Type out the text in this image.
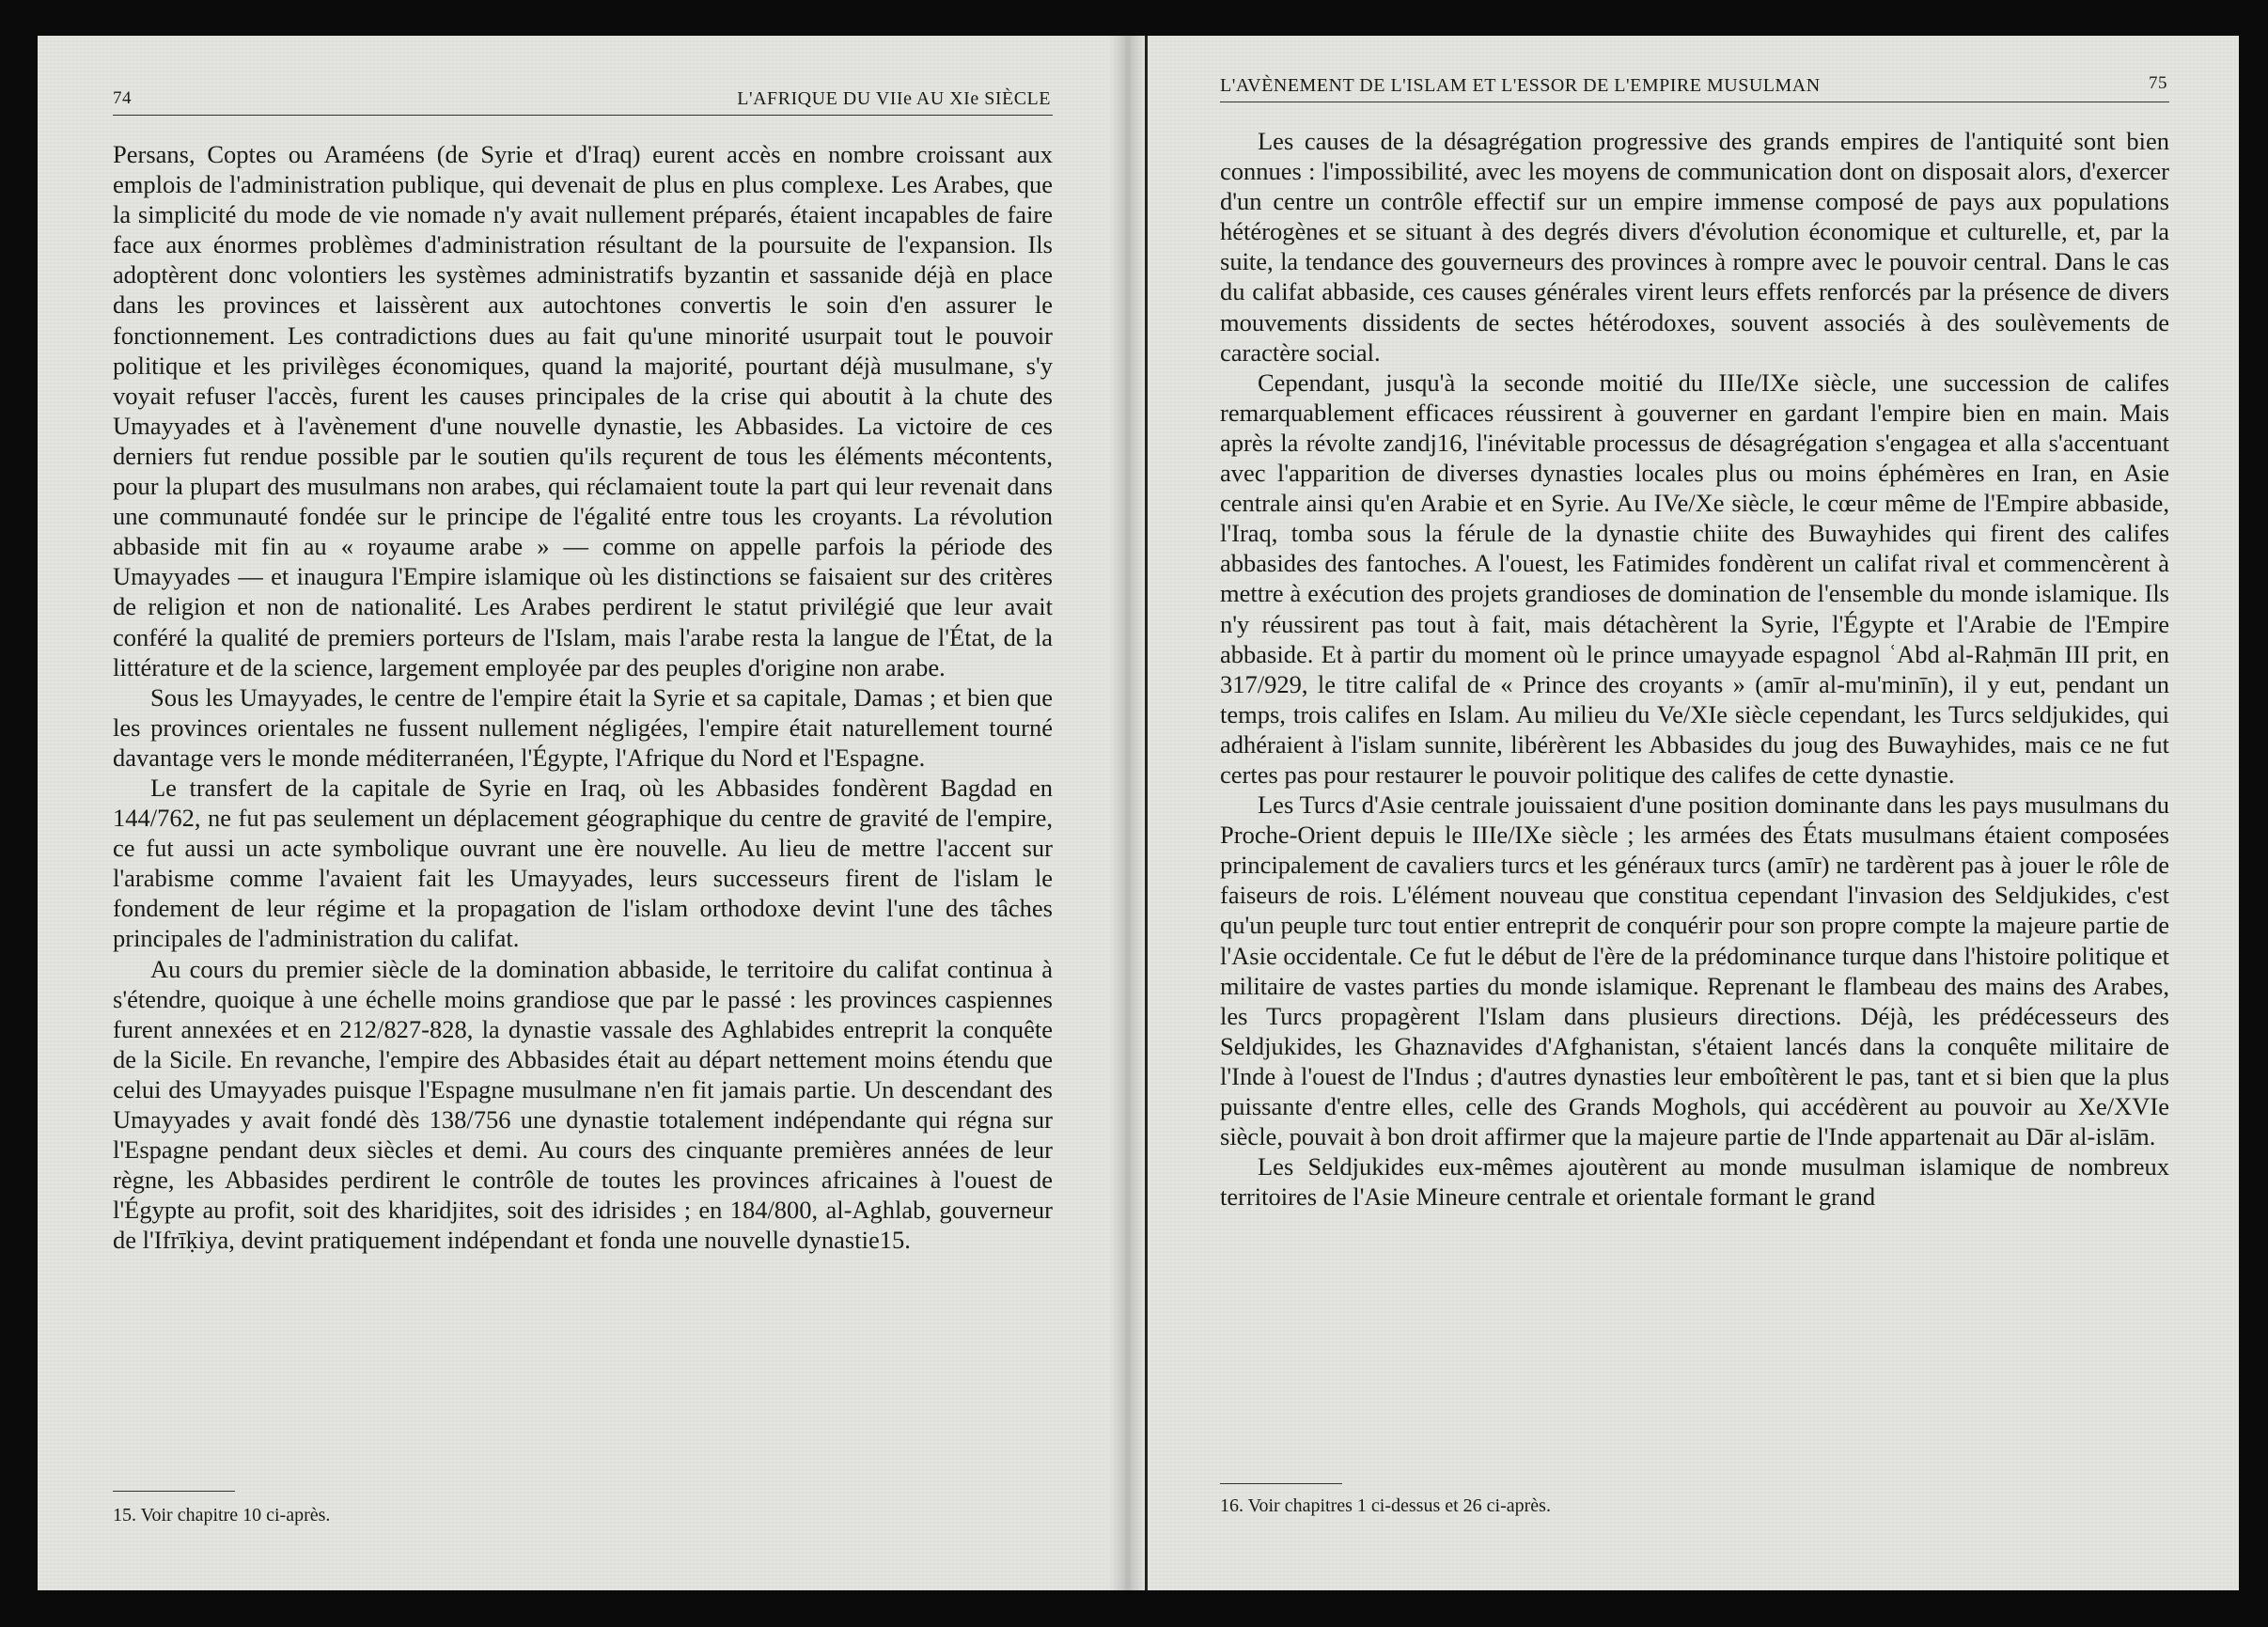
74	L'AFRIQUE DU VIIe AU XIe SIÈCLE

Persans, Coptes ou Araméens (de Syrie et d'Iraq) eurent accès en nombre croissant aux emplois de l'administration publique, qui devenait de plus en plus complexe. Les Arabes, que la simplicité du mode de vie nomade n'y avait nullement préparés, étaient incapables de faire face aux énormes problèmes d'administration résultant de la poursuite de l'expansion. Ils adoptèrent donc volontiers les systèmes administratifs byzantin et sassanide déjà en place dans les provinces et laissèrent aux autochtones convertis le soin d'en assurer le fonctionnement. Les contradictions dues au fait qu'une minorité usurpait tout le pouvoir politique et les privilèges économiques, quand la majorité, pourtant déjà musulmane, s'y voyait refuser l'accès, furent les causes principales de la crise qui aboutit à la chute des Umayyades et à l'avènement d'une nouvelle dynastie, les Abbasides. La victoire de ces derniers fut rendue possible par le soutien qu'ils reçurent de tous les éléments mécontents, pour la plupart des musulmans non arabes, qui réclamaient toute la part qui leur revenait dans une communauté fondée sur le principe de l'égalité entre tous les croyants. La révolution abbaside mit fin au « royaume arabe » — comme on appelle parfois la période des Umayyades — et inaugura l'Empire islamique où les distinctions se faisaient sur des critères de religion et non de nationalité. Les Arabes perdirent le statut privilégié que leur avait conféré la qualité de premiers porteurs de l'Islam, mais l'arabe resta la langue de l'État, de la littérature et de la science, largement employée par des peuples d'origine non arabe.

Sous les Umayyades, le centre de l'empire était la Syrie et sa capitale, Damas ; et bien que les provinces orientales ne fussent nullement négligées, l'empire était naturellement tourné davantage vers le monde méditerranéen, l'Égypte, l'Afrique du Nord et l'Espagne.

Le transfert de la capitale de Syrie en Iraq, où les Abbasides fondèrent Bagdad en 144/762, ne fut pas seulement un déplacement géographique du centre de gravité de l'empire, ce fut aussi un acte symbolique ouvrant une ère nouvelle. Au lieu de mettre l'accent sur l'arabisme comme l'avaient fait les Umayyades, leurs successeurs firent de l'islam le fondement de leur régime et la propagation de l'islam orthodoxe devint l'une des tâches principales de l'administration du califat.

Au cours du premier siècle de la domination abbaside, le territoire du califat continua à s'étendre, quoique à une échelle moins grandiose que par le passé : les provinces caspiennes furent annexées et en 212/827-828, la dynastie vassale des Aghlabides entreprit la conquête de la Sicile. En revanche, l'empire des Abbasides était au départ nettement moins étendu que celui des Umayyades puisque l'Espagne musulmane n'en fit jamais partie. Un descendant des Umayyades y avait fondé dès 138/756 une dynastie totalement indépendante qui régna sur l'Espagne pendant deux siècles et demi. Au cours des cinquante premières années de leur règne, les Abbasides perdirent le contrôle de toutes les provinces africaines à l'ouest de l'Égypte au profit, soit des kharidjites, soit des idrisides ; en 184/800, al-Aghlab, gouverneur de l'Ifrīḳiya, devint pratiquement indépendant et fonda une nouvelle dynastie15.

15. Voir chapitre 10 ci-après.
L'AVÈNEMENT DE L'ISLAM ET L'ESSOR DE L'EMPIRE MUSULMAN	75

Les causes de la désagrégation progressive des grands empires de l'antiquité sont bien connues : l'impossibilité, avec les moyens de communication dont on disposait alors, d'exercer d'un centre un contrôle effectif sur un empire immense composé de pays aux populations hétérogènes et se situant à des degrés divers d'évolution économique et culturelle, et, par la suite, la tendance des gouverneurs des provinces à rompre avec le pouvoir central. Dans le cas du califat abbaside, ces causes générales virent leurs effets renforcés par la présence de divers mouvements dissidents de sectes hétérodoxes, souvent associés à des soulèvements de caractère social.

Cependant, jusqu'à la seconde moitié du IIIe/IXe siècle, une succession de califes remarquablement efficaces réussirent à gouverner en gardant l'empire bien en main. Mais après la révolte zandj16, l'inévitable processus de désagrégation s'engagea et alla s'accentuant avec l'apparition de diverses dynasties locales plus ou moins éphémères en Iran, en Asie centrale ainsi qu'en Arabie et en Syrie. Au IVe/Xe siècle, le cœur même de l'Empire abbaside, l'Iraq, tomba sous la férule de la dynastie chiite des Buwayhides qui firent des califes abbasides des fantoches. A l'ouest, les Fatimides fondèrent un califat rival et commencèrent à mettre à exécution des projets grandioses de domination de l'ensemble du monde islamique. Ils n'y réussirent pas tout à fait, mais détachèrent la Syrie, l'Égypte et l'Arabie de l'Empire abbaside. Et à partir du moment où le prince umayyade espagnol ʿAbd al-Raḥmān III prit, en 317/929, le titre califal de « Prince des croyants » (amīr al-mu'minīn), il y eut, pendant un temps, trois califes en Islam. Au milieu du Ve/XIe siècle cependant, les Turcs seldjukides, qui adhéraient à l'islam sunnite, libérèrent les Abbasides du joug des Buwayhides, mais ce ne fut certes pas pour restaurer le pouvoir politique des califes de cette dynastie.

Les Turcs d'Asie centrale jouissaient d'une position dominante dans les pays musulmans du Proche-Orient depuis le IIIe/IXe siècle ; les armées des États musulmans étaient composées principalement de cavaliers turcs et les généraux turcs (amīr) ne tardèrent pas à jouer le rôle de faiseurs de rois. L'élément nouveau que constitua cependant l'invasion des Seldjukides, c'est qu'un peuple turc tout entier entreprit de conquérir pour son propre compte la majeure partie de l'Asie occidentale. Ce fut le début de l'ère de la prédominance turque dans l'histoire politique et militaire de vastes parties du monde islamique. Reprenant le flambeau des mains des Arabes, les Turcs propagèrent l'Islam dans plusieurs directions. Déjà, les prédécesseurs des Seldjukides, les Ghaznavides d'Afghanistan, s'étaient lancés dans la conquête militaire de l'Inde à l'ouest de l'Indus ; d'autres dynasties leur emboîtèrent le pas, tant et si bien que la plus puissante d'entre elles, celle des Grands Moghols, qui accédèrent au pouvoir au Xe/XVIe siècle, pouvait à bon droit affirmer que la majeure partie de l'Inde appartenait au Dār al-islām.

Les Seldjukides eux-mêmes ajoutèrent au monde musulman islamique de nombreux territoires de l'Asie Mineure centrale et orientale formant le grand

16. Voir chapitres 1 ci-dessus et 26 ci-après.
